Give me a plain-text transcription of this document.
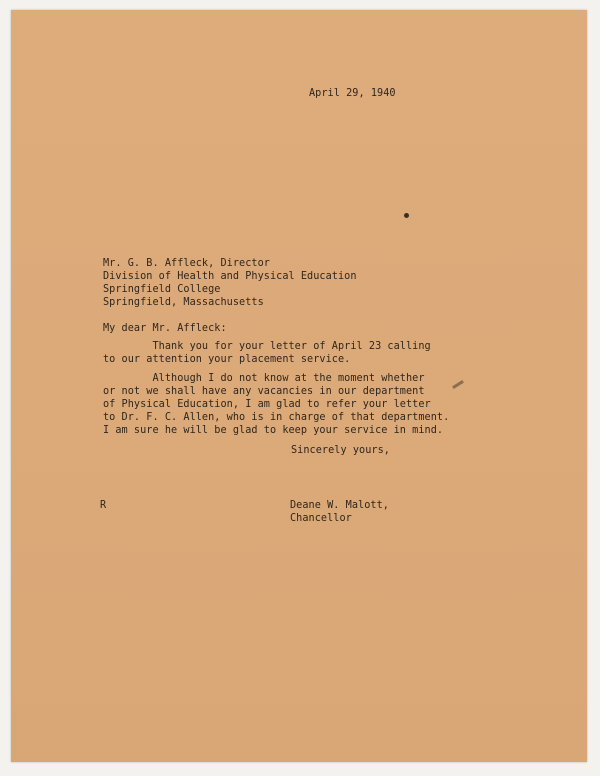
April 29, 1940
Mr. G. B. Affleck, Director
Division of Health and Physical Education
Springfield College
Springfield, Massachusetts
My dear Mr. Affleck:
Thank you for your letter of April 23 calling
to our attention your placement service.
Although I do not know at the moment whether
or not we shall have any vacancies in our department
of Physical Education, I am glad to refer your letter
to Dr. F. C. Allen, who is in charge of that department.
I am sure he will be glad to keep your service in mind.
Sincerely yours,
R	Deane W. Malott,
Chancellor
